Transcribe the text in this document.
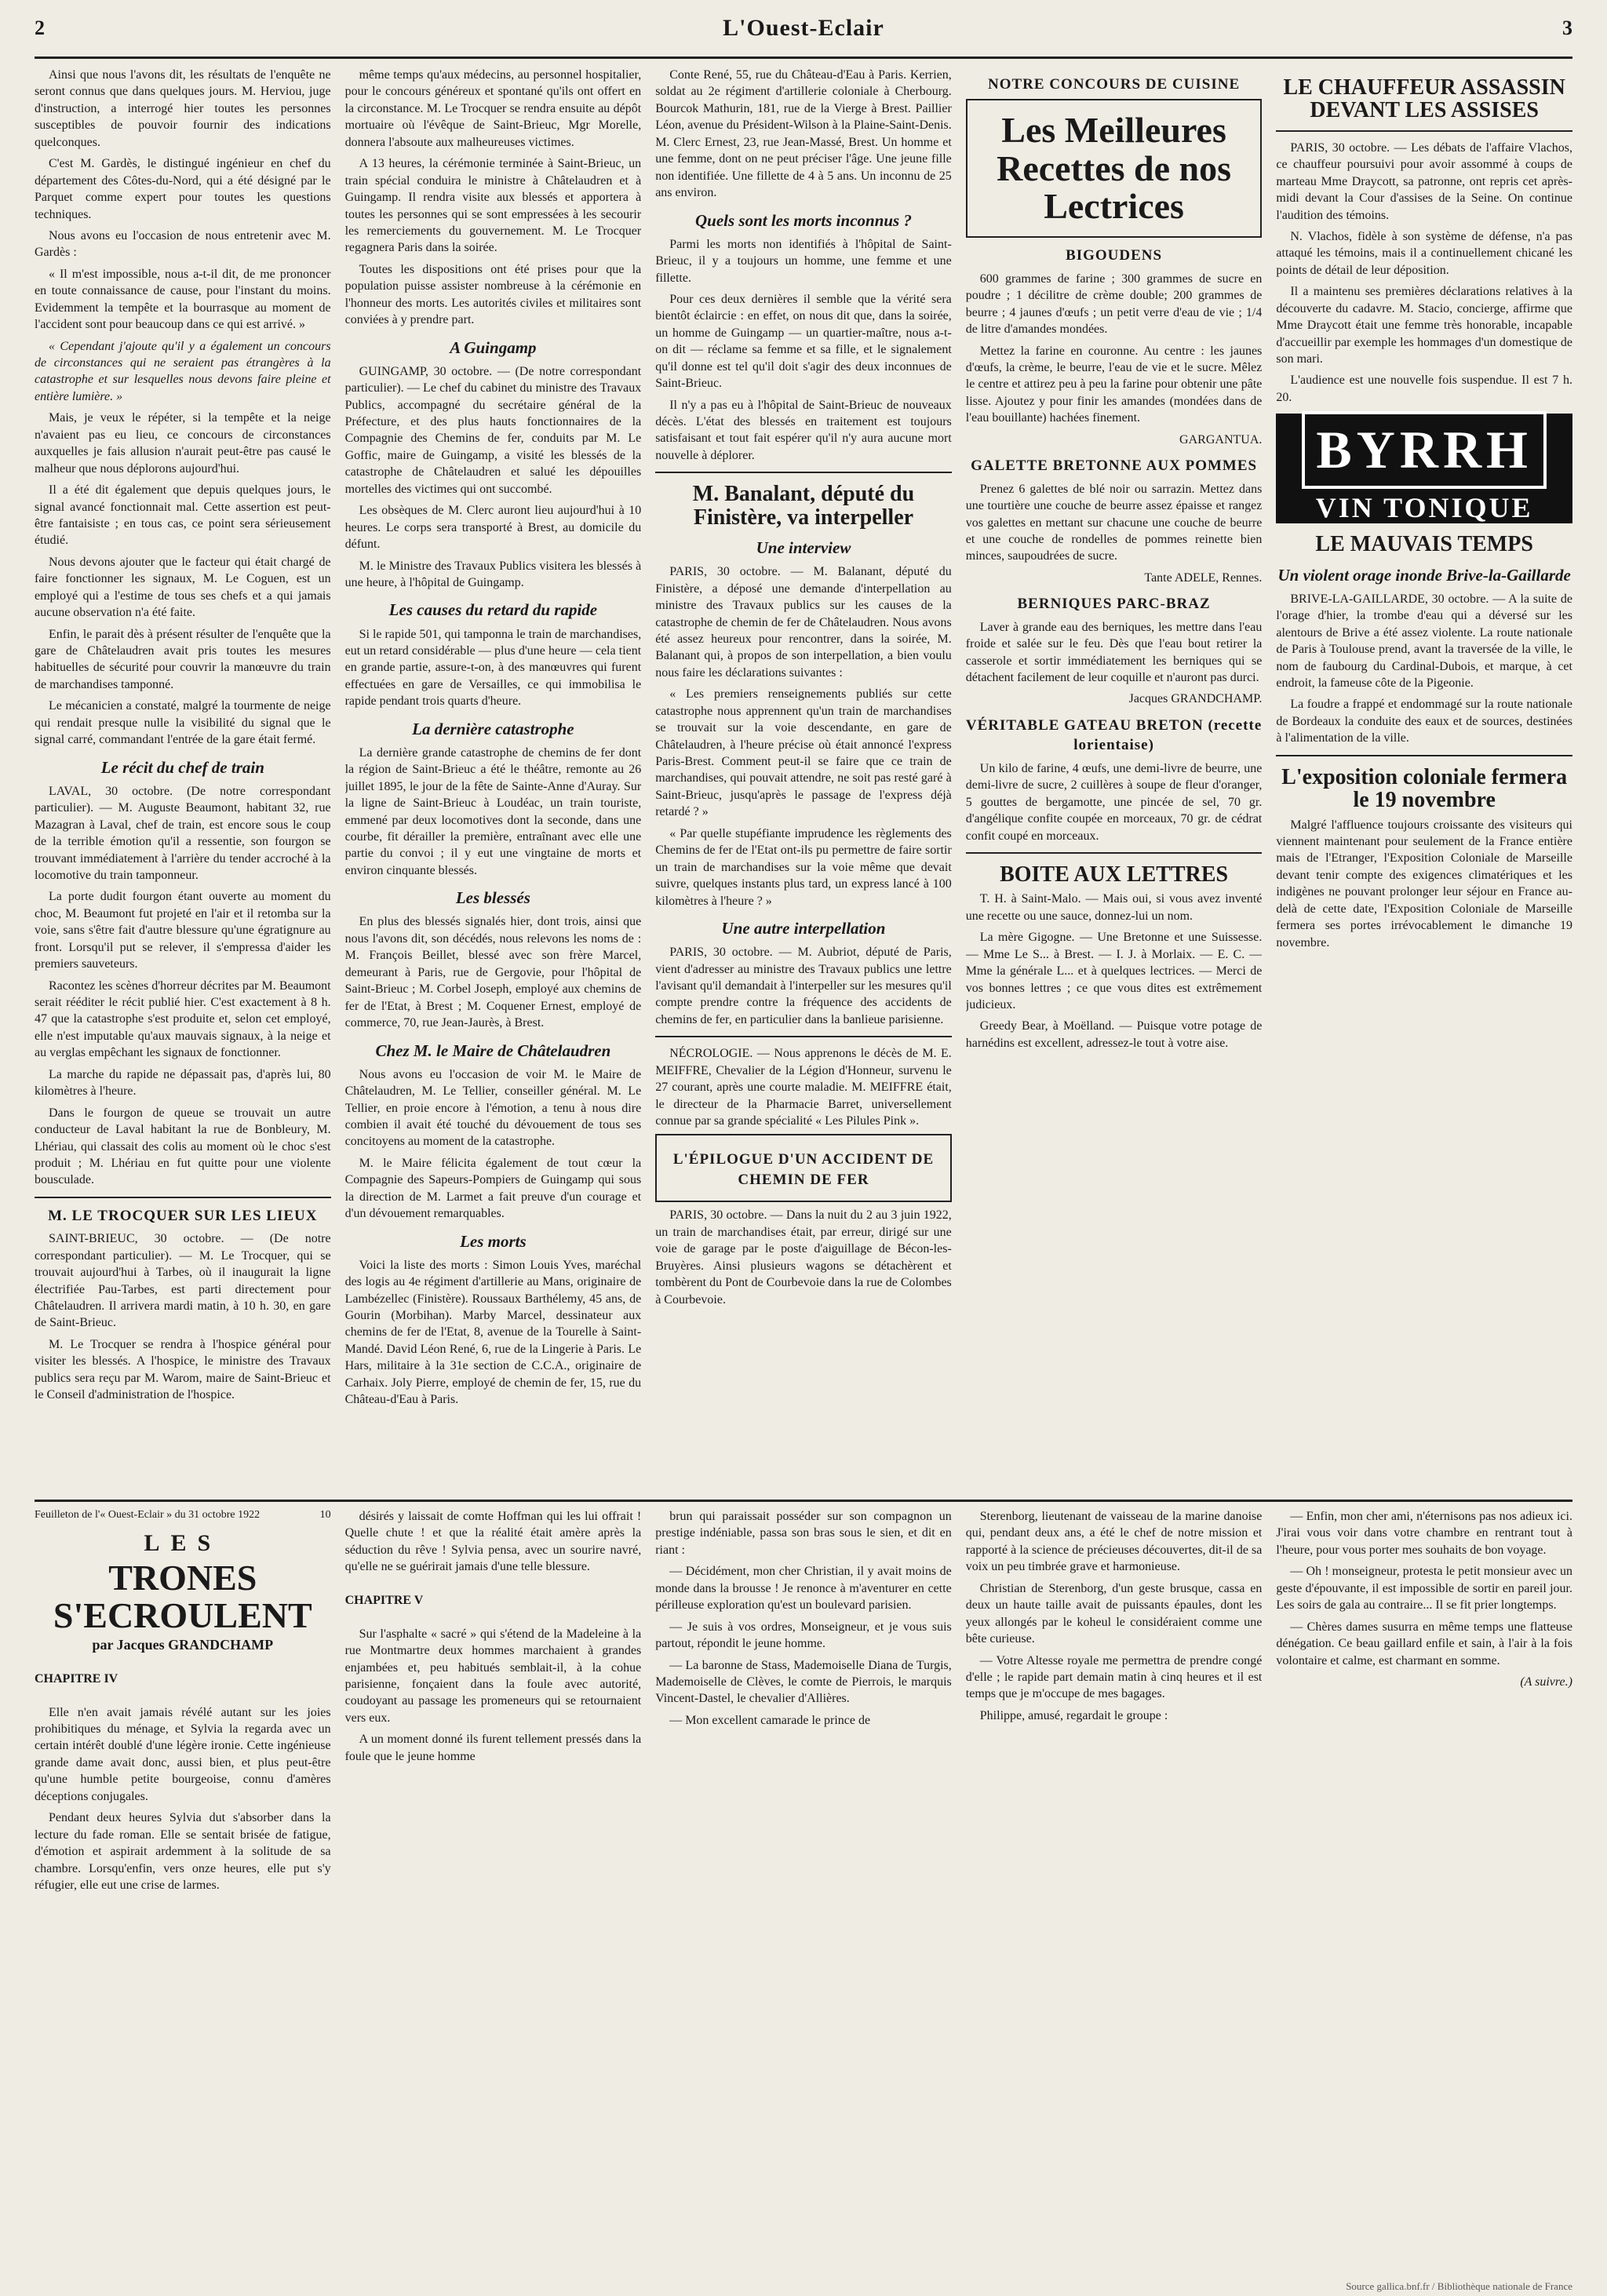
2	L'Ouest-Eclair	3

Ainsi que nous l'avons dit, les résultats de l'enquête ne seront connus que dans quelques jours. M. Herviou, juge d'instruction, a interrogé hier toutes les personnes susceptibles de pouvoir fournir des indications quelconques.

C'est M. Gardès, le distingué ingénieur en chef du département des Côtes-du-Nord, qui a été désigné par le Parquet comme expert pour toutes les questions techniques.

Nous avons eu l'occasion de nous entretenir avec M. Gardès :

« Il m'est impossible, nous a-t-il dit, de me prononcer en toute connaissance de cause, pour l'instant du moins. Evidemment la tempête et la bourrasque au moment de l'accident sont pour beaucoup dans ce qui est arrivé. »

« Cependant j'ajoute qu'il y a également un concours de circonstances qui ne seraient pas étrangères à la catastrophe et sur lesquelles nous devons faire pleine et entière lumière. »

Mais, je veux le répéter, si la tempête et la neige n'avaient pas eu lieu, ce concours de circonstances auxquelles je fais allusion n'aurait peut-être pas causé le malheur que nous déplorons aujourd'hui.

Il a été dit également que depuis quelques jours, le signal avancé fonctionnait mal. Cette assertion est peut-être fantaisiste ; en tous cas, ce point sera sérieusement étudié.

Nous devons ajouter que le facteur qui était chargé de faire fonctionner les signaux, M. Le Coguen, est un employé qui a l'estime de tous ses chefs et a qui jamais aucune observation n'a été faite.

Enfin, le parait dès à présent résulter de l'enquête que la gare de Châtelaudren avait pris toutes les mesures habituelles de sécurité pour couvrir la manœuvre du train de marchandises tamponné.

Le mécanicien a constaté, malgré la tourmente de neige qui rendait presque nulle la visibilité du signal que le signal carré, commandant l'entrée de la gare était fermé.

Le récit du chef de train

LAVAL, 30 octobre. (De notre correspondant particulier). — M. Auguste Beaumont, habitant 32, rue Mazagran à Laval, chef de train, est encore sous le coup de la terrible émotion qu'il a ressentie, son fourgon se trouvant immédiatement à l'arrière du tender accroché à la locomotive du train tamponneur.

La porte dudit fourgon étant ouverte au moment du choc, M. Beaumont fut projeté en l'air et il retomba sur la voie, sans s'être fait d'autre blessure qu'une égratignure au front. Lorsqu'il put se relever, il s'empressa d'aider les premiers sauveteurs.

Racontez les scènes d'horreur décrites par M. Beaumont serait rééditer le récit publié hier. C'est exactement à 8 h. 47 que la catastrophe s'est produite et, selon cet employé, elle n'est imputable qu'aux mauvais signaux, à la neige et au verglas empêchant les signaux de fonctionner.

La marche du rapide ne dépassait pas, d'après lui, 80 kilomètres à l'heure.

Dans le fourgon de queue se trouvait un autre conducteur de Laval habitant la rue de Bonbleury, M. Lhériau, qui classait des colis au moment où le choc s'est produit ; M. Lhériau en fut quitte pour une violente bousculade.

M. LE TROCQUER SUR LES LIEUX

SAINT-BRIEUC, 30 octobre. — (De notre correspondant particulier). — M. Le Trocquer, qui se trouvait aujourd'hui à Tarbes, où il inaugurait la ligne électrifiée Pau-Tarbes, est parti directement pour Châtelaudren. Il arrivera mardi matin, à 10 h. 30, en gare de Saint-Brieuc.

M. Le Trocquer se rendra à l'hospice général pour visiter les blessés. A l'hospice, le ministre des Travaux publics sera reçu par M. Warom, maire de Saint-Brieuc et le Conseil d'administration de l'hospice.

même temps qu'aux médecins, au personnel hospitalier, pour le concours généreux et spontané qu'ils ont offert en la circonstance. M. Le Trocquer se rendra ensuite au dépôt mortuaire où l'évêque de Saint-Brieuc, Mgr Morelle, donnera l'absoute aux malheureuses victimes.

A 13 heures, la cérémonie terminée à Saint-Brieuc, un train spécial conduira le ministre à Châtelaudren et à Guingamp. Il rendra visite aux blessés et apportera à toutes les personnes qui se sont empressées à les secourir les remerciements du gouvernement. M. Le Trocquer regagnera Paris dans la soirée.

Toutes les dispositions ont été prises pour que la population puisse assister nombreuse à la cérémonie en l'honneur des morts. Les autorités civiles et militaires sont conviées à y prendre part.

A Guingamp

GUINGAMP, 30 octobre. — (De notre correspondant particulier). — Le chef du cabinet du ministre des Travaux Publics, accompagné du secrétaire général de la Préfecture, et des plus hauts fonctionnaires de la Compagnie des Chemins de fer, conduits par M. Le Goffic, maire de Guingamp, a visité les blessés de la catastrophe de Châtelaudren et salué les dépouilles mortelles des victimes qui ont succombé.

Les obsèques de M. Clerc auront lieu aujourd'hui à 10 heures. Le corps sera transporté à Brest, au domicile du défunt.

M. le Ministre des Travaux Publics visitera les blessés à une heure, à l'hôpital de Guingamp.

Les causes du retard du rapide

Si le rapide 501, qui tamponna le train de marchandises, eut un retard considérable — plus d'une heure — cela tient en grande partie, assure-t-on, à des manœuvres qui furent effectuées en gare de Versailles, ce qui immobilisa le rapide pendant trois quarts d'heure.

La dernière catastrophe

La dernière grande catastrophe de chemins de fer dont la région de Saint-Brieuc a été le théâtre, remonte au 26 juillet 1895, le jour de la fête de Sainte-Anne d'Auray. Sur la ligne de Saint-Brieuc à Loudéac, un train touriste, emmené par deux locomotives dont la seconde, dans une courbe, fit dérailler la première, entraînant avec elle une partie du convoi ; il y eut une vingtaine de morts et environ cinquante blessés.

Les blessés

En plus des blessés signalés hier, dont trois, ainsi que nous l'avons dit, son décédés, nous relevons les noms de : M. François Beillet, blessé avec son frère Marcel, demeurant à Paris, rue de Gergovie, pour l'hôpital de Saint-Brieuc ; M. Corbel Joseph, employé aux chemins de fer de l'Etat, à Brest ; M. Coquener Ernest, employé de commerce, 70, rue Jean-Jaurès, à Brest.

Chez M. le Maire de Châtelaudren

Nous avons eu l'occasion de voir M. le Maire de Châtelaudren, M. Le Tellier, conseiller général. M. Le Tellier, en proie encore à l'émotion, a tenu à nous dire combien il avait été touché du dévouement de tous ses concitoyens au moment de la catastrophe.

M. le Maire félicita également de tout cœur la Compagnie des Sapeurs-Pompiers de Guingamp qui sous la direction de M. Larmet a fait preuve d'un courage et d'un dévouement remarquables.

Les morts

Voici la liste des morts : Simon Louis Yves, maréchal des logis au 4e régiment d'artillerie au Mans, originaire de Lambézellec (Finistère). Roussaux Barthélemy, 45 ans, de Gourin (Morbihan). Marby Marcel, dessinateur aux chemins de fer de l'Etat, 8, avenue de la Tourelle à Saint-Mandé. David Léon René, 6, rue de la Lingerie à Paris. Le Hars, militaire à la 31e section de C.C.A., originaire de Carhaix. Joly Pierre, employé de chemin de fer, 15, rue du Château-d'Eau à Paris.

Conte René, 55, rue du Château-d'Eau à Paris. Kerrien, soldat au 2e régiment d'artillerie coloniale à Cherbourg. Bourcok Mathurin, 181, rue de la Vierge à Brest. Paillier Léon, avenue du Président-Wilson à la Plaine-Saint-Denis. M. Clerc Ernest, 23, rue Jean-Massé, Brest. Un homme et une femme, dont on ne peut préciser l'âge. Une jeune fille non identifiée. Une fillette de 4 à 5 ans. Un inconnu de 25 ans environ.

Quels sont les morts inconnus ?

Parmi les morts non identifiés à l'hôpital de Saint-Brieuc, il y a toujours un homme, une femme et une fillette.

Pour ces deux dernières il semble que la vérité sera bientôt éclaircie : en effet, on nous dit que, dans la soirée, un homme de Guingamp — un quartier-maître, nous a-t-on dit — réclame sa femme et sa fille, et le signalement qu'il donne est tel qu'il doit s'agir des deux inconnues de Saint-Brieuc.

Il n'y a pas eu à l'hôpital de Saint-Brieuc de nouveaux décès. L'état des blessés en traitement est toujours satisfaisant et tout fait espérer qu'il n'y aura aucune mort nouvelle à déplorer.

M. Banalant, député du Finistère, va interpeller
Une interview

PARIS, 30 octobre. — M. Balanant, député du Finistère, a déposé une demande d'interpellation au ministre des Travaux publics sur les causes de la catastrophe de chemin de fer de Châtelaudren. Nous avons été assez heureux pour rencontrer, dans la soirée, M. Balanant qui, à propos de son interpellation, a bien voulu nous faire les déclarations suivantes :

« Les premiers renseignements publiés sur cette catastrophe nous apprennent qu'un train de marchandises se trouvait sur la voie descendante, en gare de Châtelaudren, à l'heure précise où était annoncé l'express Paris-Brest. Comment peut-il se faire que ce train de marchandises, qui pouvait attendre, ne soit pas resté garé à Saint-Brieuc, jusqu'après le passage de l'express déjà retardé ? »

« Par quelle stupéfiante imprudence les règlements des Chemins de fer de l'Etat ont-ils pu permettre de faire sortir un train de marchandises sur la voie même que devait suivre, quelques instants plus tard, un express lancé à 100 kilomètres à l'heure ? »

Une autre interpellation

PARIS, 30 octobre. — M. Aubriot, député de Paris, vient d'adresser au ministre des Travaux publics une lettre l'avisant qu'il demandait à l'interpeller sur les mesures qu'il compte prendre contre la fréquence des accidents de chemins de fer, en particulier dans la banlieue parisienne.

NÉCROLOGIE. — Nous apprenons le décès de M. E. MEIFFRE, Chevalier de la Légion d'Honneur, survenu le 27 courant, après une courte maladie. M. MEIFFRE était, le directeur de la Pharmacie Barret, universellement connue par sa grande spécialité « Les Pilules Pink ».

L'ÉPILOGUE D'UN ACCIDENT DE CHEMIN DE FER

PARIS, 30 octobre. — Dans la nuit du 2 au 3 juin 1922, un train de marchandises était, par erreur, dirigé sur une voie de garage par le poste d'aiguillage de Bécon-les-Bruyères. Ainsi plusieurs wagons se détachèrent et tombèrent du Pont de Courbevoie dans la rue de Colombes à Courbevoie.

NOTRE CONCOURS DE CUISINE
Les Meilleures Recettes de nos Lectrices
BIGOUDENS

600 grammes de farine ; 300 grammes de sucre en poudre ; 1 décilitre de crème double; 200 grammes de beurre ; 4 jaunes d'œufs ; un petit verre d'eau de vie ; 1/4 de litre d'amandes mondées.

Mettez la farine en couronne. Au centre : les jaunes d'œufs, la crème, le beurre, l'eau de vie et le sucre. Mêlez le centre et attirez peu à peu la farine pour obtenir une pâte lisse. Ajoutez y pour finir les amandes (mondées dans de l'eau bouillante) hachées finement.

GARGANTUA.

GALETTE BRETONNE AUX POMMES

Prenez 6 galettes de blé noir ou sarrazin. Mettez dans une tourtière une couche de beurre assez épaisse et rangez vos galettes en mettant sur chacune une couche de beurre et une couche de rondelles de pommes reinette bien minces, saupoudrées de sucre.

Tante ADELE, Rennes.

BERNIQUES PARC-BRAZ

Laver à grande eau des berniques, les mettre dans l'eau froide et salée sur le feu. Dès que l'eau bout retirer la casserole et sortir immédiatement les berniques qui se détachent facilement de leur coquille et n'auront pas durci.

Jacques GRANDCHAMP.

VÉRITABLE GATEAU BRETON (recette lorientaise)

Un kilo de farine, 4 œufs, une demi-livre de beurre, une demi-livre de sucre, 2 cuillères à soupe de fleur d'oranger, 5 gouttes de bergamotte, une pincée de sel, 70 gr. d'angélique confite coupée en morceaux, 70 gr. de cédrat confit coupé en morceaux.

BOITE AUX LETTRES

T. H. à Saint-Malo. — Mais oui, si vous avez inventé une recette ou une sauce, donnez-lui un nom.

La mère Gigogne. — Une Bretonne et une Suissesse. — Mme Le S... à Brest. — I. J. à Morlaix. — E. C. — Mme la générale L... et à quelques lectrices. — Merci de vos bonnes lettres ; ce que vous dites est extrêmement judicieux.

Greedy Bear, à Moëlland. — Puisque votre potage de harnédins est excellent, adressez-le tout à votre aise.

LE CHAUFFEUR ASSASSIN DEVANT LES ASSISES

PARIS, 30 octobre. — Les débats de l'affaire Vlachos, ce chauffeur poursuivi pour avoir assommé à coups de marteau Mme Draycott, sa patronne, ont repris cet après-midi devant la Cour d'assises de la Seine. On continue l'audition des témoins.

N. Vlachos, fidèle à son système de défense, n'a pas attaqué les témoins, mais il a continuellement chicané les points de détail de leur déposition.

Il a maintenu ses premières déclarations relatives à la découverte du cadavre. M. Stacio, concierge, affirme que Mme Draycott était une femme très honorable, incapable d'accueillir par exemple les hommages d'un domestique de son mari.

L'audience est une nouvelle fois suspendue. Il est 7 h. 20.

BYRRH
VIN TONIQUE
LE MAUVAIS TEMPS
Un violent orage inonde Brive-la-Gaillarde

BRIVE-LA-GAILLARDE, 30 octobre. — A la suite de l'orage d'hier, la trombe d'eau qui a déversé sur les alentours de Brive a été assez violente. La route nationale de Paris à Toulouse prend, avant la traversée de la ville, le nom de faubourg du Cardinal-Dubois, et marque, à cet endroit, la fameuse côte de la Pigeonie.

La foudre a frappé et endommagé sur la route nationale de Bordeaux la conduite des eaux et de sources, destinées à l'alimentation de la ville.

L'exposition coloniale fermera le 19 novembre

Malgré l'affluence toujours croissante des visiteurs qui viennent maintenant pour seulement de la France entière mais de l'Etranger, l'Exposition Coloniale de Marseille devant tenir compte des exigences climatériques et les indigènes ne pouvant prolonger leur séjour en France au-delà de cette date, l'Exposition Coloniale de Marseille fermera ses portes irrévocablement le dimanche 19 novembre.

Feuilleton de l'« Ouest-Eclair » du 31 octobre 1922	10

LES
TRONES S'ECROULENT
par Jacques GRANDCHAMP
CHAPITRE IV

Elle n'en avait jamais révélé autant sur les joies prohibitiques du ménage, et Sylvia la regarda avec un certain intérêt doublé d'une légère ironie. Cette ingénieuse grande dame avait donc, aussi bien, et plus peut-être qu'une humble petite bourgeoise, connu d'amères déceptions conjugales.

Pendant deux heures Sylvia dut s'absorber dans la lecture du fade roman. Elle se sentait brisée de fatigue, d'émotion et aspirait ardemment à la solitude de sa chambre. Lorsqu'enfin, vers onze heures, elle put s'y réfugier, elle eut une crise de larmes.

désirés y laissait de comte Hoffman qui les lui offrait ! Quelle chute ! et que la réalité était amère après la séduction du rêve ! Sylvia pensa, avec un sourire navré, qu'elle ne se guérirait jamais d'une telle blessure.

CHAPITRE V

Sur l'asphalte « sacré » qui s'étend de la Madeleine à la rue Montmartre deux hommes marchaient à grandes enjambées et, peu habitués semblait-il, à la cohue parisienne, fonçaient dans la foule avec autorité, coudoyant au passage les promeneurs qui se retournaient vers eux.

A un moment donné ils furent tellement pressés dans la foule que le jeune homme

brun qui paraissait posséder sur son compagnon un prestige indéniable, passa son bras sous le sien, et dit en riant :

— Décidément, mon cher Christian, il y avait moins de monde dans la brousse ! Je renonce à m'aventurer en cette périlleuse exploration qu'est un boulevard parisien.

— Je suis à vos ordres, Monseigneur, et je vous suis partout, répondit le jeune homme.

— La baronne de Stass, Mademoiselle Diana de Turgis, Mademoiselle de Clèves, le comte de Pierrois, le marquis Vincent-Dastel, le chevalier d'Allières.

— Mon excellent camarade le prince de

Sterenborg, lieutenant de vaisseau de la marine danoise qui, pendant deux ans, a été le chef de notre mission et rapporté à la science de précieuses découvertes, dit-il de sa voix un peu timbrée grave et harmonieuse.

Christian de Sterenborg, d'un geste brusque, cassa en deux un haute taille avait de puissants épaules, dont les yeux allongés par le koheul le considéraient comme une bête curieuse.

— Votre Altesse royale me permettra de prendre congé d'elle ; le rapide part demain matin à cinq heures et il est temps que je m'occupe de mes bagages.

Philippe, amusé, regardait le groupe :

— Enfin, mon cher ami, n'éternisons pas nos adieux ici. J'irai vous voir dans votre chambre en rentrant tout à l'heure, pour vous porter mes souhaits de bon voyage.

— Oh ! monseigneur, protesta le petit monsieur avec un geste d'épouvante, il est impossible de sortir en pareil jour. Les soirs de gala au contraire... Il se fit prier longtemps.

— Chères dames susurra en même temps une flatteuse dénégation. Ce beau gaillard enfile et sain, à l'air à la fois volontaire et calme, est charmant en somme.

(A suivre.)

Source gallica.bnf.fr / Bibliothèque nationale de France
